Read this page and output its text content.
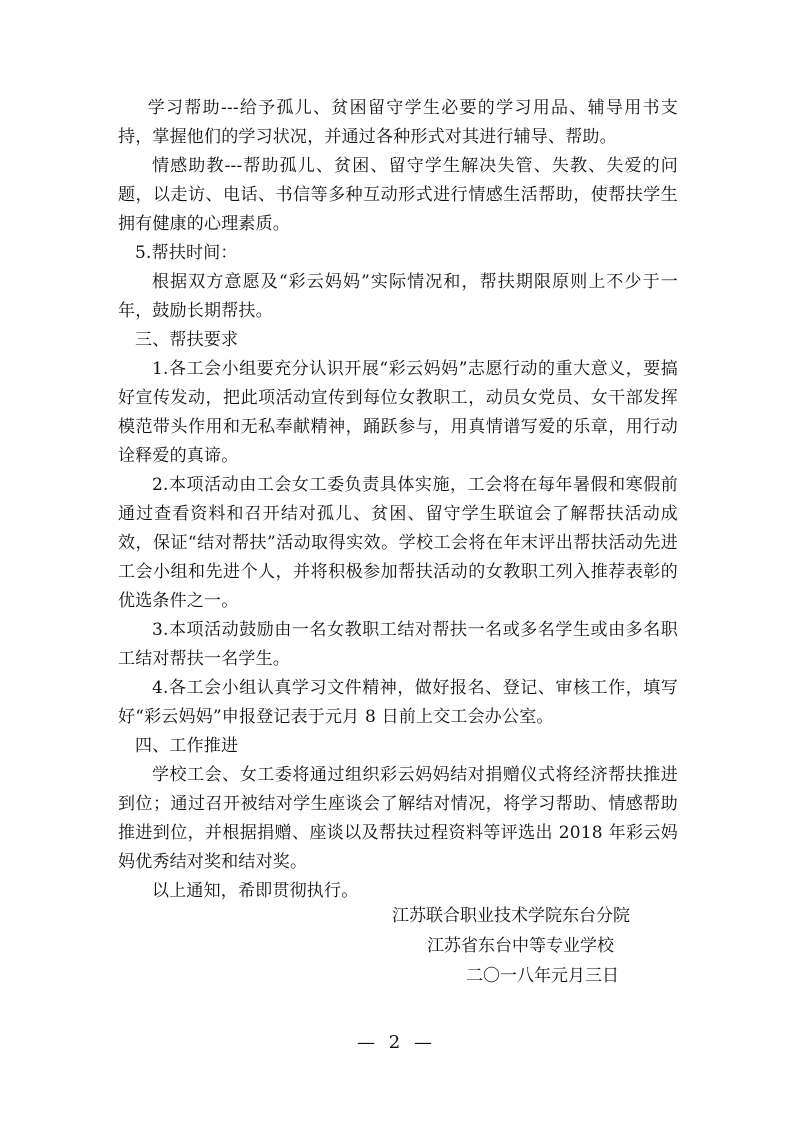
学习帮助---给予孤儿、贫困留守学生必要的学习用品、辅导用书支持，掌握他们的学习状况，并通过各种形式对其进行辅导、帮助。

情感助教---帮助孤儿、贫困、留守学生解决失管、失教、失爱的问题，以走访、电话、书信等多种互动形式进行情感生活帮助，使帮扶学生拥有健康的心理素质。

5.帮扶时间：

根据双方意愿及“彩云妈妈”实际情况和，帮扶期限原则上不少于一年，鼓励长期帮扶。

三、帮扶要求

1.各工会小组要充分认识开展“彩云妈妈”志愿行动的重大意义，要搞好宣传发动，把此项活动宣传到每位女教职工，动员女党员、女干部发挥模范带头作用和无私奉献精神，踊跃参与，用真情谱写爱的乐章，用行动诠释爱的真谛。

2.本项活动由工会女工委负责具体实施，工会将在每年暑假和寒假前通过查看资料和召开结对孤儿、贫困、留守学生联谊会了解帮扶活动成效，保证“结对帮扶”活动取得实效。学校工会将在年末评出帮扶活动先进工会小组和先进个人，并将积极参加帮扶活动的女教职工列入推荐表彰的优选条件之一。

3.本项活动鼓励由一名女教职工结对帮扶一名或多名学生或由多名职工结对帮扶一名学生。

4.各工会小组认真学习文件精神，做好报名、登记、审核工作，填写好“彩云妈妈”申报登记表于元月 8 日前上交工会办公室。

四、工作推进

学校工会、女工委将通过组织彩云妈妈结对捐赠仪式将经济帮扶推进到位；通过召开被结对学生座谈会了解结对情况，将学习帮助、情感帮助推进到位，并根据捐赠、座谈以及帮扶过程资料等评选出 2018 年彩云妈妈优秀结对奖和结对奖。

以上通知，希即贯彻执行。

江苏联合职业技术学院东台分院
江苏省东台中等专业学校
二〇一八年元月三日
— 2 —
